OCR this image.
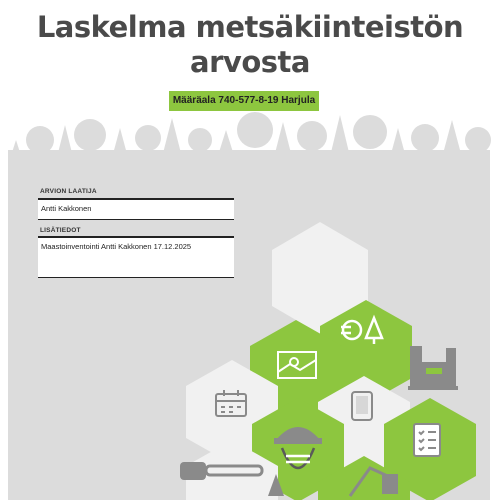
Laskelma metsäkiinteistön
arvosta
Määräala 740-577-8-19 Harjula
ARVION LAATIJA
Antti Kakkonen
LISÄTIEDOT
Maastoinventointi Antti Kakkonen 17.12.2025
